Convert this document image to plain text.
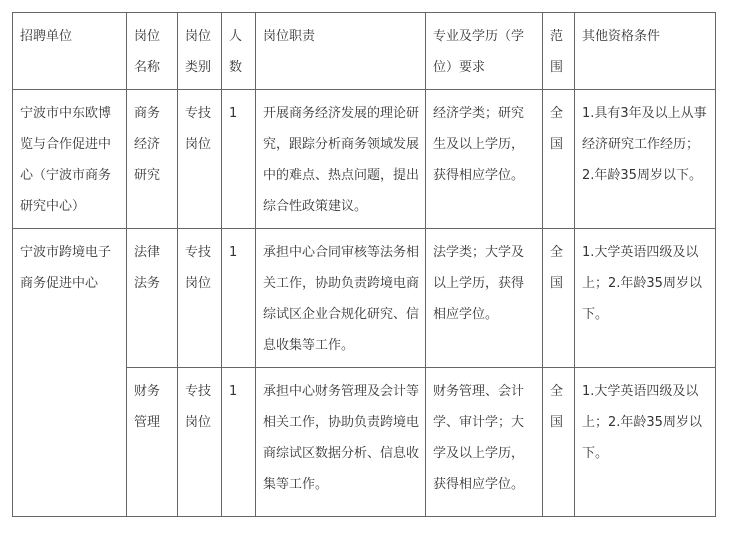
招聘单位	岗位名称	岗位类别	人数	岗位职责	专业及学历（学位）要求	范围	其他资格条件

宁波市中东欧博览与合作促进中心（宁波市商务研究中心）	商务经济研究	专技岗位	1	开展商务经济发展的理论研究，跟踪分析商务领域发展中的难点、热点问题，提出综合性政策建议。	经济学类；研究生及以上学历，获得相应学位。	全国	1.具有3年及以上从事经济研究工作经历；2.年龄35周岁以下。

宁波市跨境电子商务促进中心	法律法务	专技岗位	1	承担中心合同审核等法务相关工作，协助负责跨境电商综试区企业合规化研究、信息收集等工作。	法学类；大学及以上学历，获得相应学位。	全国	1.大学英语四级及以上；2.年龄35周岁以下。

	财务管理	专技岗位	1	承担中心财务管理及会计等相关工作，协助负责跨境电商综试区数据分析、信息收集等工作。	财务管理、会计学、审计学；大学及以上学历，获得相应学位。	全国	1.大学英语四级及以上；2.年龄35周岁以下。
